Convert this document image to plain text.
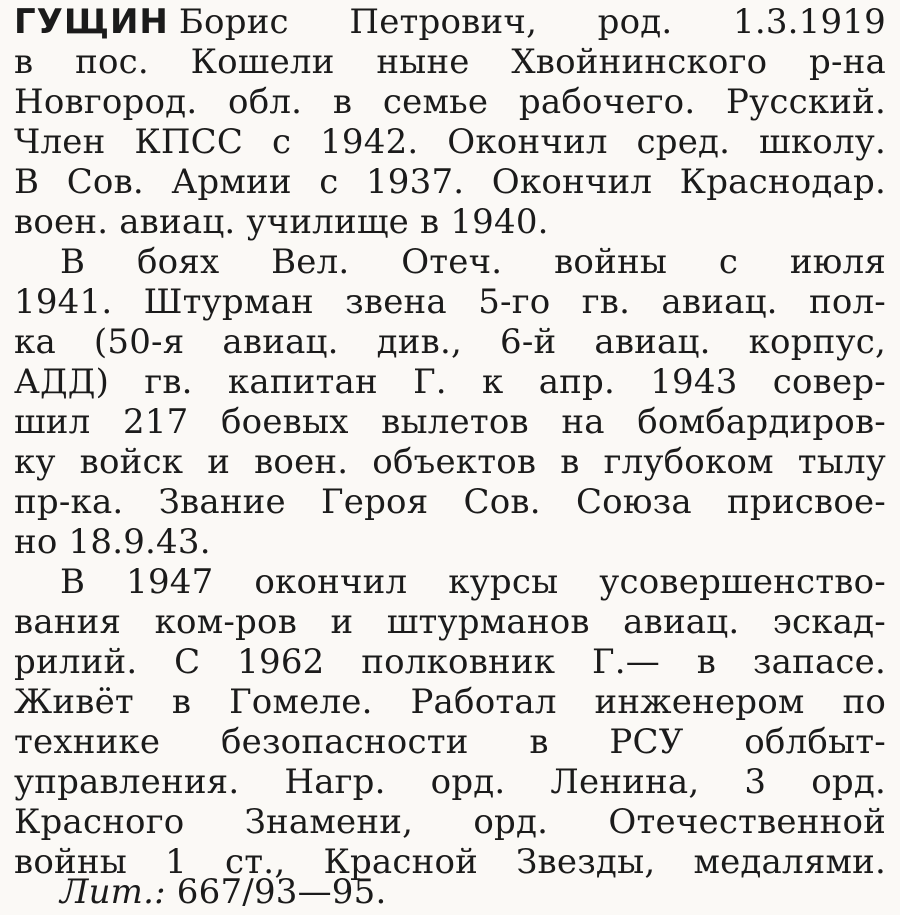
ГУЩИН Борис Петрович, род. 1.3.1919
в пос. Кошели ныне Хвойнинского р-на
Новгород. обл. в семье рабочего. Русский.
Член КПСС с 1942. Окончил сред. школу.
В Сов. Армии с 1937. Окончил Краснодар.
воен. авиац. училище в 1940.
В боях Вел. Отеч. войны с июля
1941. Штурман звена 5-го гв. авиац. пол-
ка (50-я авиац. див., 6-й авиац. корпус,
АДД) гв. капитан Г. к апр. 1943 совер-
шил 217 боевых вылетов на бомбардиров-
ку войск и воен. объектов в глубоком тылу
пр-ка. Звание Героя Сов. Союза присвое-
но 18.9.43.
В 1947 окончил курсы усовершенство-
вания ком-ров и штурманов авиац. эскад-
рилий. С 1962 полковник Г.— в запасе.
Живёт в Гомеле. Работал инженером по
технике безопасности в РСУ облбыт-
управления. Нагр. орд. Ленина, 3 орд.
Красного Знамени, орд. Отечественной
войны 1 ст., Красной Звезды, медалями.
Лит.: 667/93—95.
